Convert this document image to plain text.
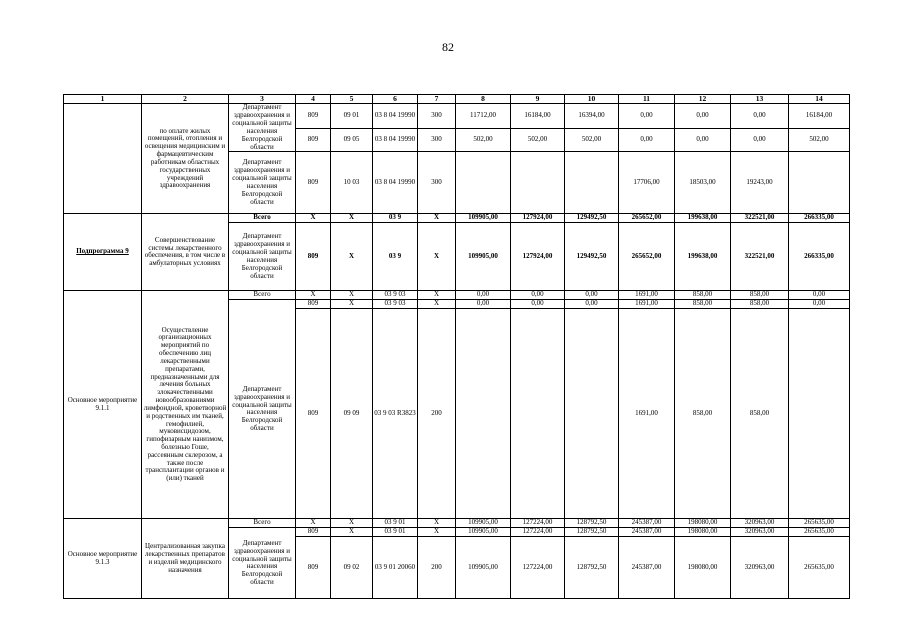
82
1	2	3	4	5	6	7	8	9	10	11	12	13	14
	по оплате жилых помещений, отопления и освещения медицинским и фармацевтическим работникам областных государственных учреждений здравоохранения	Департамент здравоохранения и социальной защиты населения Белгородской области	809	09 01	03 8 04 19990	300	11712,00	16184,00	16394,00	0,00	0,00	0,00	16184,00
			809	09 05	03 8 04 19990	300	502,00	502,00	502,00	0,00	0,00	0,00	502,00
		Департамент здравоохранения и социальной защиты населения Белгородской области	809	10 03	03 8 04 19990	300				17706,00	18503,00	19243,00	
Подпрограмма 9	Совершенствование системы лекарственного обеспечения, в том числе в амбулаторных условиях	Всего	X	X	03 9	X	109905,00	127924,00	129492,50	265652,00	199638,00	322521,00	266335,00
		Департамент здравоохранения и социальной защиты населения Белгородской области	809	X	03 9	X	109905,00	127924,00	129492,50	265652,00	199638,00	322521,00	266335,00
Основное мероприятие 9.1.1	Осуществление организационных мероприятий по обеспечению лиц лекарственными препаратами, предназначенными для лечения больных злокачественными новообразованиями лимфоидной, кроветворной и родственных им тканей, гемофилией, муковисцидозом, гипофизарным нанизмом, болезнью Гоше, рассеянным склерозом, а также после трансплантации органов и (или) тканей	Всего	X	X	03 9 03	X	0,00	0,00	0,00	1691,00	858,00	858,00	0,00
		Департамент здравоохранения и социальной защиты населения Белгородской области	809	X	03 9 03	X	0,00	0,00	0,00	1691,00	858,00	858,00	0,00
			809	09 09	03 9 03 R3823	200				1691,00	858,00	858,00	
Основное мероприятие 9.1.3	Централизованная закупка лекарственных препаратов и изделий медицинского назначения	Всего	X	X	03 9 01	X	109905,00	127224,00	128792,50	245387,00	198080,00	320963,00	265635,00
		Департамент здравоохранения и социальной защиты населения Белгородской области	809	X	03 9 01	X	109905,00	127224,00	128792,50	245387,00	198080,00	320963,00	265635,00
			809	09 02	03 9 01 20060	200	109905,00	127224,00	128792,50	245387,00	198080,00	320963,00	265635,00
